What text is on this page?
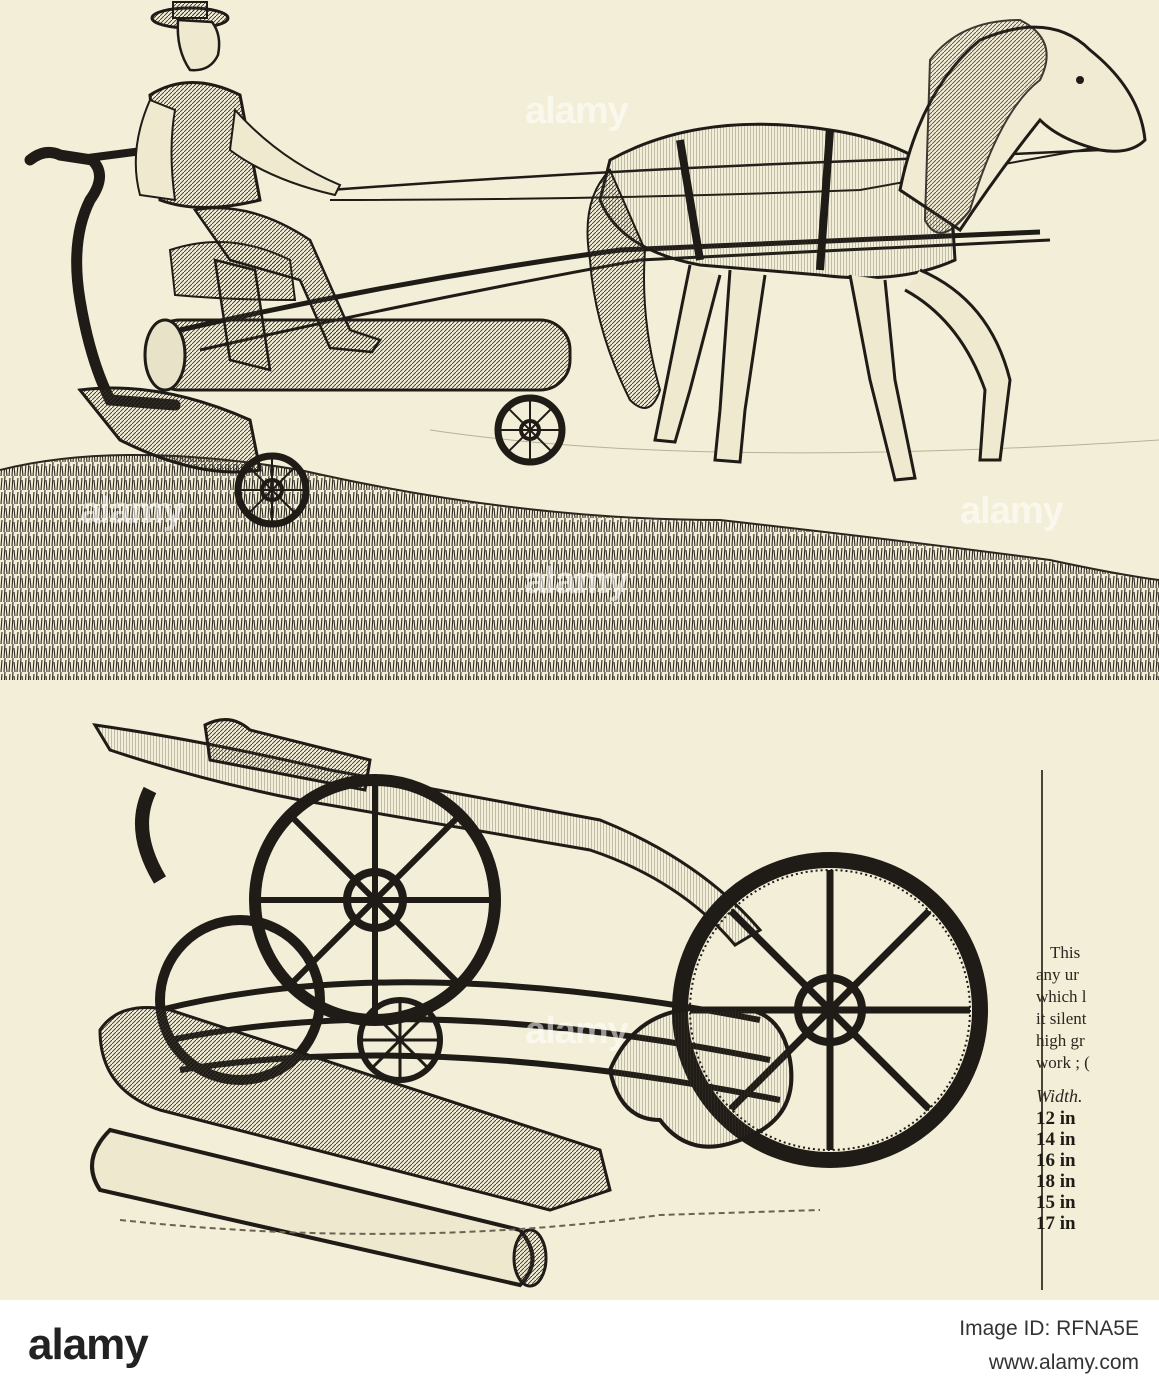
alamy
alamy
alamy
alamy
alamy
This
any ur
which l
it silent
high gr
work ; (
Width.
12 in
14 in
16 in
18 in
15 in
17 in
alamy	Image ID: RFNA5E
www.alamy.com
